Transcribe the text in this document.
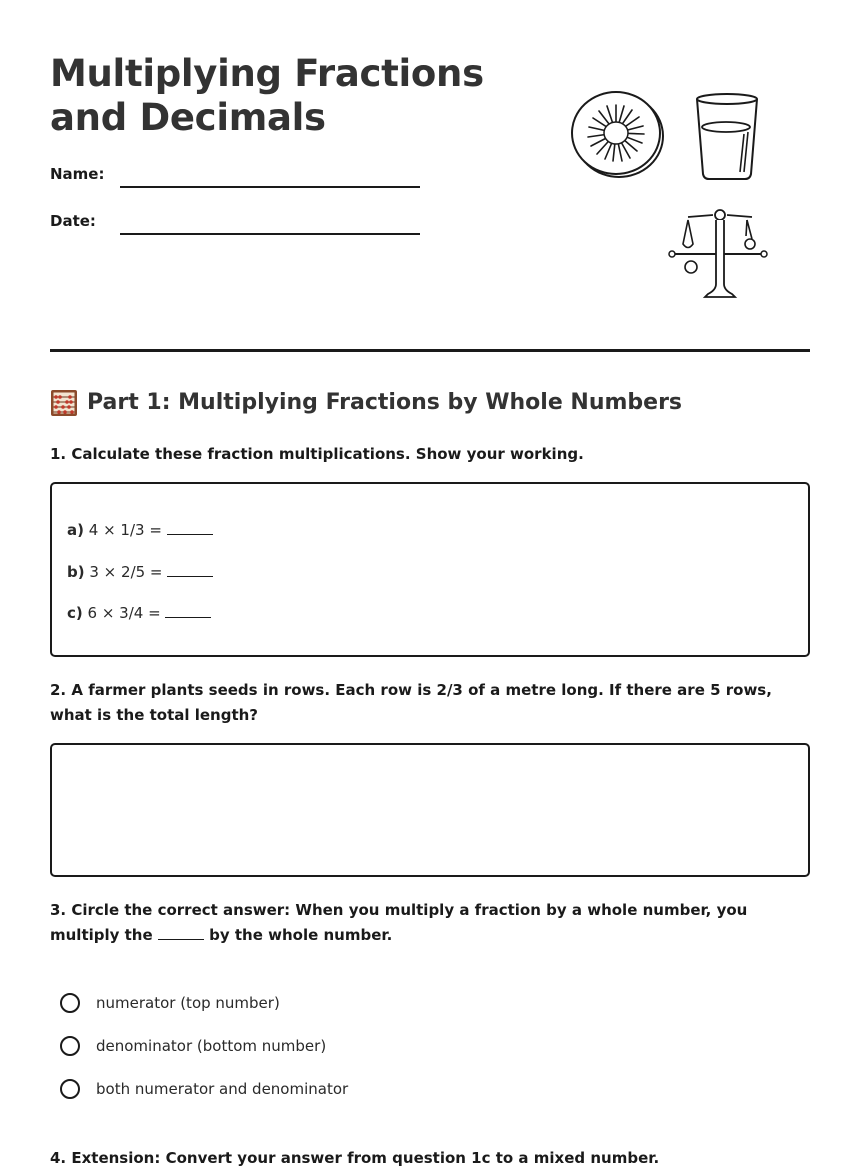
Multiplying Fractions
and Decimals
Name:
Date:
Part 1: Multiplying Fractions by Whole Numbers
1. Calculate these fraction multiplications. Show your working.
a) 4 × 1/3 =
b) 3 × 2/5 =
c) 6 × 3/4 =
2. A farmer plants seeds in rows. Each row is 2/3 of a metre long. If there are 5 rows, what is the total length?
3. Circle the correct answer: When you multiply a fraction by a whole number, you multiply the	by the whole number.
numerator (top number)
denominator (bottom number)
both numerator and denominator
4. Extension: Convert your answer from question 1c to a mixed number.
